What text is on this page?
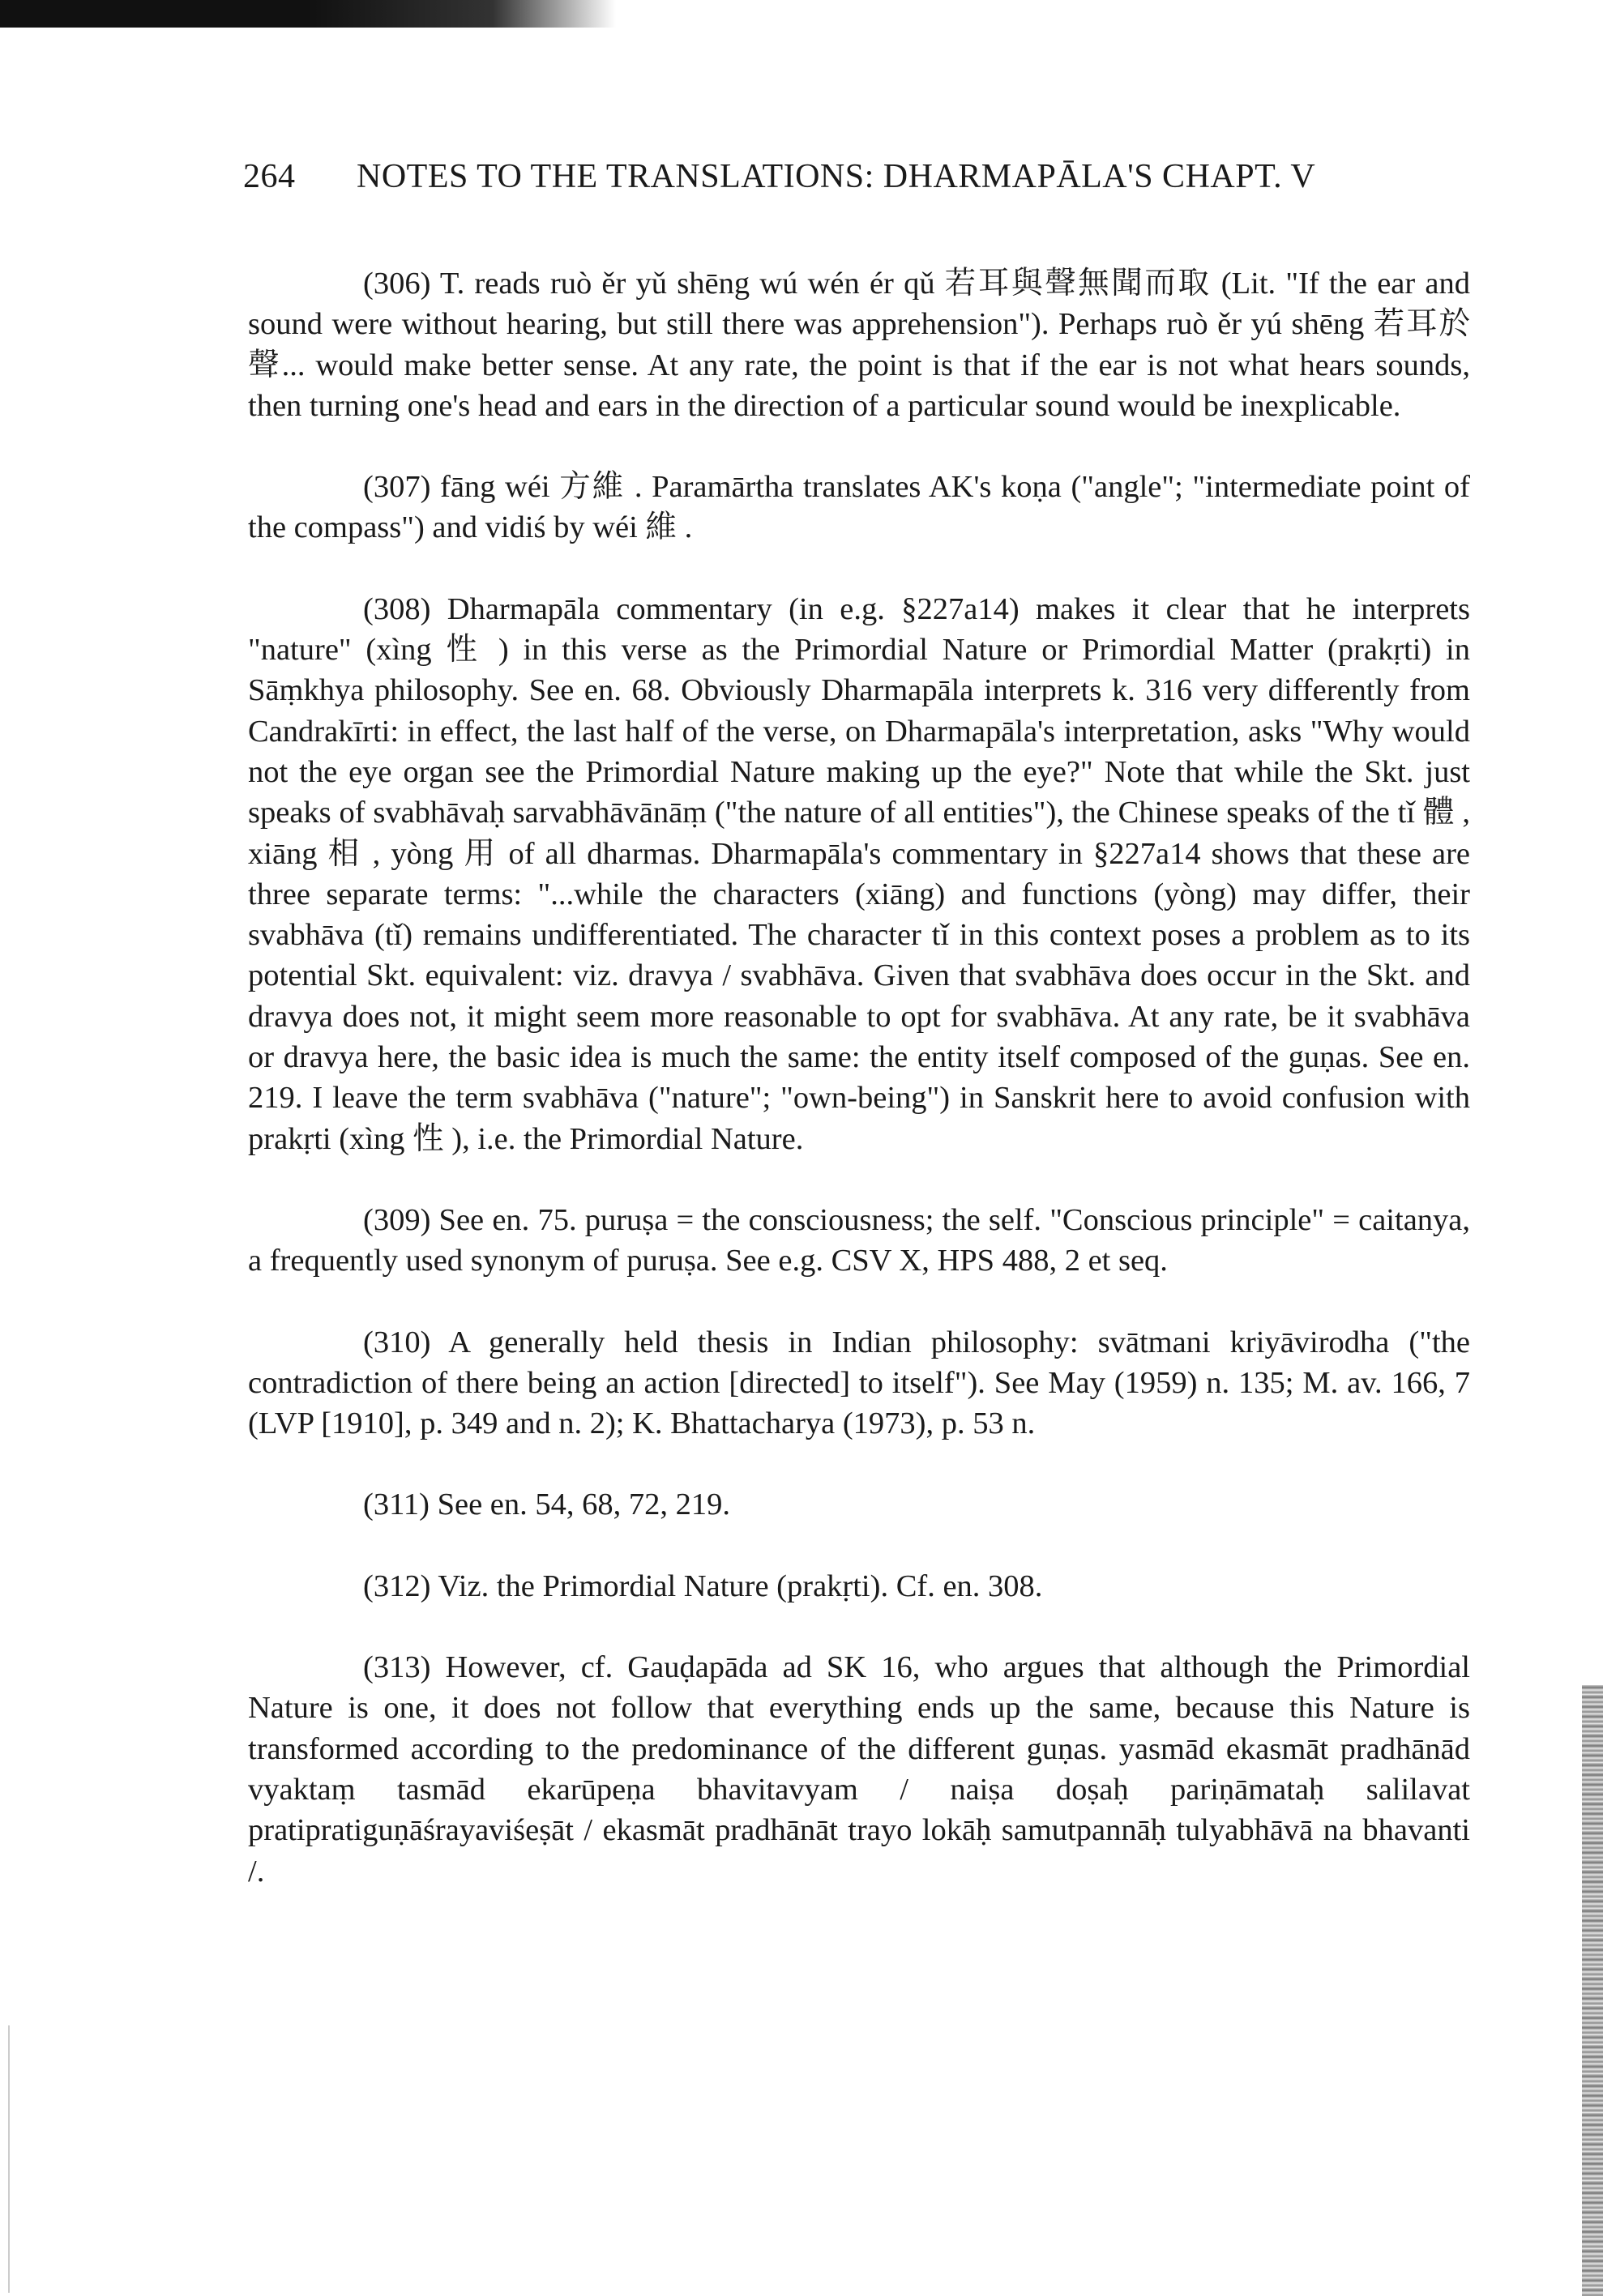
264 NOTES TO THE TRANSLATIONS: DHARMAPĀLA'S CHAPT. V

(306) T. reads ruò ěr yǔ shēng wú wén ér qǔ 若耳與聲無聞而取 (Lit. "If the ear and sound were without hearing, but still there was apprehension"). Perhaps ruò ěr yú shēng 若耳於聲... would make better sense. At any rate, the point is that if the ear is not what hears sounds, then turning one's head and ears in the direction of a particular sound would be inexplicable.

(307) fāng wéi 方維 . Paramārtha translates AK's koṇa ("angle"; "intermediate point of the compass") and vidiś by wéi 維 .

(308) Dharmapāla commentary (in e.g. §227a14) makes it clear that he interprets "nature" (xìng 性 ) in this verse as the Primordial Nature or Primordial Matter (prakṛti) in Sāṃkhya philosophy. See en. 68. Obviously Dharmapāla interprets k. 316 very differently from Candrakīrti: in effect, the last half of the verse, on Dharmapāla's interpretation, asks "Why would not the eye organ see the Primordial Nature making up the eye?" Note that while the Skt. just speaks of svabhāvaḥ sarvabhāvānāṃ ("the nature of all entities"), the Chinese speaks of the tǐ 體 , xiāng 相 , yòng 用 of all dharmas. Dharmapāla's commentary in §227a14 shows that these are three separate terms: "...while the characters (xiāng) and functions (yòng) may differ, their svabhāva (tǐ) remains undifferentiated. The character tǐ in this context poses a problem as to its potential Skt. equivalent: viz. dravya / svabhāva. Given that svabhāva does occur in the Skt. and dravya does not, it might seem more reasonable to opt for svabhāva. At any rate, be it svabhāva or dravya here, the basic idea is much the same: the entity itself composed of the guṇas. See en. 219. I leave the term svabhāva ("nature"; "own-being") in Sanskrit here to avoid confusion with prakṛti (xìng 性 ), i.e. the Primordial Nature.

(309) See en. 75. puruṣa = the consciousness; the self. "Conscious principle" = caitanya, a frequently used synonym of puruṣa. See e.g. CSV X, HPS 488, 2 et seq.

(310) A generally held thesis in Indian philosophy: svātmani kriyāvirodha ("the contradiction of there being an action [directed] to itself"). See May (1959) n. 135; M. av. 166, 7 (LVP [1910], p. 349 and n. 2); K. Bhattacharya (1973), p. 53 n.

(311) See en. 54, 68, 72, 219.

(312) Viz. the Primordial Nature (prakṛti). Cf. en. 308.

(313) However, cf. Gauḍapāda ad SK 16, who argues that although the Primordial Nature is one, it does not follow that everything ends up the same, because this Nature is transformed according to the predominance of the different guṇas. yasmād ekasmāt pradhānād vyaktaṃ tasmād ekarūpeṇa bhavitavyam / naiṣa doṣaḥ pariṇāmataḥ salilavat pratipratiguṇāśrayaviśeṣāt / ekasmāt pradhānāt trayo lokāḥ samutpannāḥ tulyabhāvā na bhavanti /.
